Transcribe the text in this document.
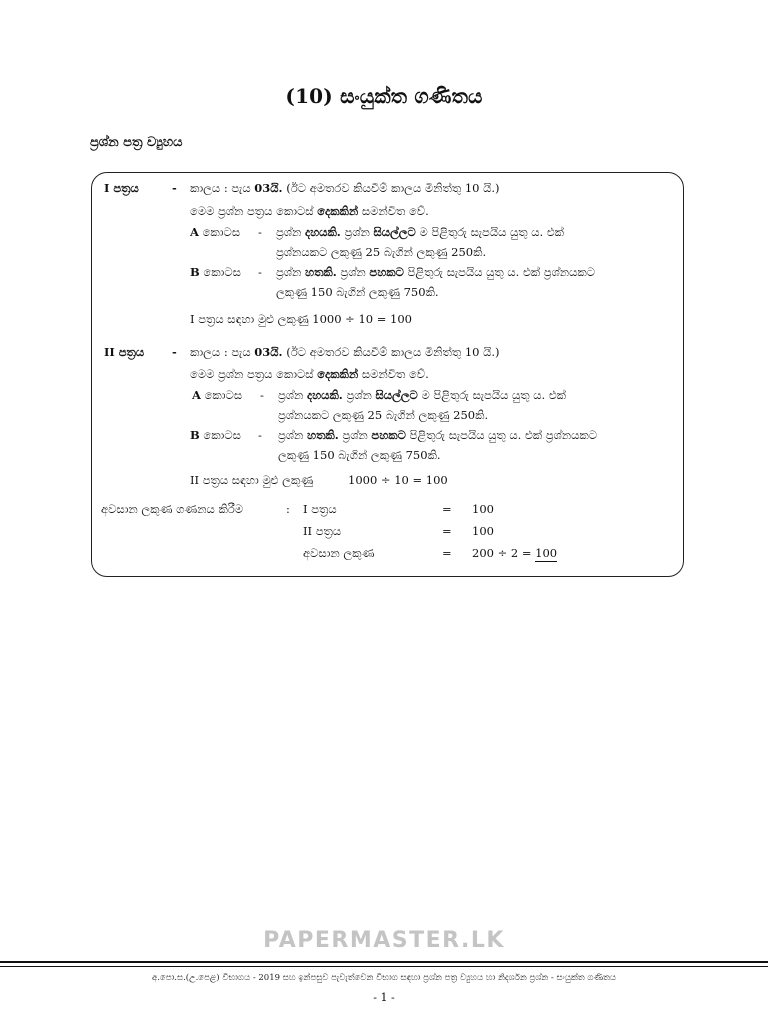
(10) සංයුක්ත ගණිතය
ප්‍රශ්න පත්‍ර ව්‍යුහය
I පත්‍රය	- කාලය : පැය 03යි. (ඊට අමතරව කියවීම් කාලය මිනිත්තු 10 යි.)
මෙම ප්‍රශ්න පත්‍රය කොටස් දෙකකින් සමන්විත වේ.
A කොටස - ප්‍රශ්න දහයකි. ප්‍රශ්න සියල්ලට ම පිළිතුරු සැපයිය යුතු ය. එක්
ප්‍රශ්නයකට ලකුණු 25 බැගින් ලකුණු 250කි.
B කොටස - ප්‍රශ්න හතකි. ප්‍රශ්න පහකට පිළිතුරු සැපයිය යුතු ය. එක් ප්‍රශ්නයකට
ලකුණු 150 බැගින් ලකුණු 750කි.
I පත්‍රය සඳහා මුළු ලකුණු 1000 ÷ 10 = 100
II පත්‍රය - කාලය : පැය 03යි. (ඊට අමතරව කියවීම් කාලය මිනිත්තු 10 යි.)
මෙම ප්‍රශ්න පත්‍රය කොටස් දෙකකින් සමන්විත වේ.
A කොටස - ප්‍රශ්න දහයකි. ප්‍රශ්න සියල්ලට ම පිළිතුරු සැපයිය යුතු ය. එක්
ප්‍රශ්නයකට ලකුණු 25 බැගින් ලකුණු 250කි.
B කොටස - ප්‍රශ්න හතකි. ප්‍රශ්න පහකට පිළිතුරු සැපයිය යුතු ය. එක් ප්‍රශ්නයකට
ලකුණු 150 බැගින් ලකුණු 750කි.
II පත්‍රය සඳහා මුළු ලකුණු	1000 ÷ 10 = 100
අවසාන ලකුණ ගණනය කිරීම	: I පත්‍රය	= 100
II පත්‍රය	= 100
අවසාන ලකුණ	= 200 ÷ 2 = 100
PAPERMASTER.LK
අ.පො.ස.(උ.පෙළ) විභාගය - 2019 සහ ඉන්පසුව පැවැත්වෙන විභාග සඳහා ප්‍රශ්න පත්‍ර ව්‍යුහය හා නිදර්ශන ප්‍රශ්න - සංයුක්ත ගණිතය
- 1 -
